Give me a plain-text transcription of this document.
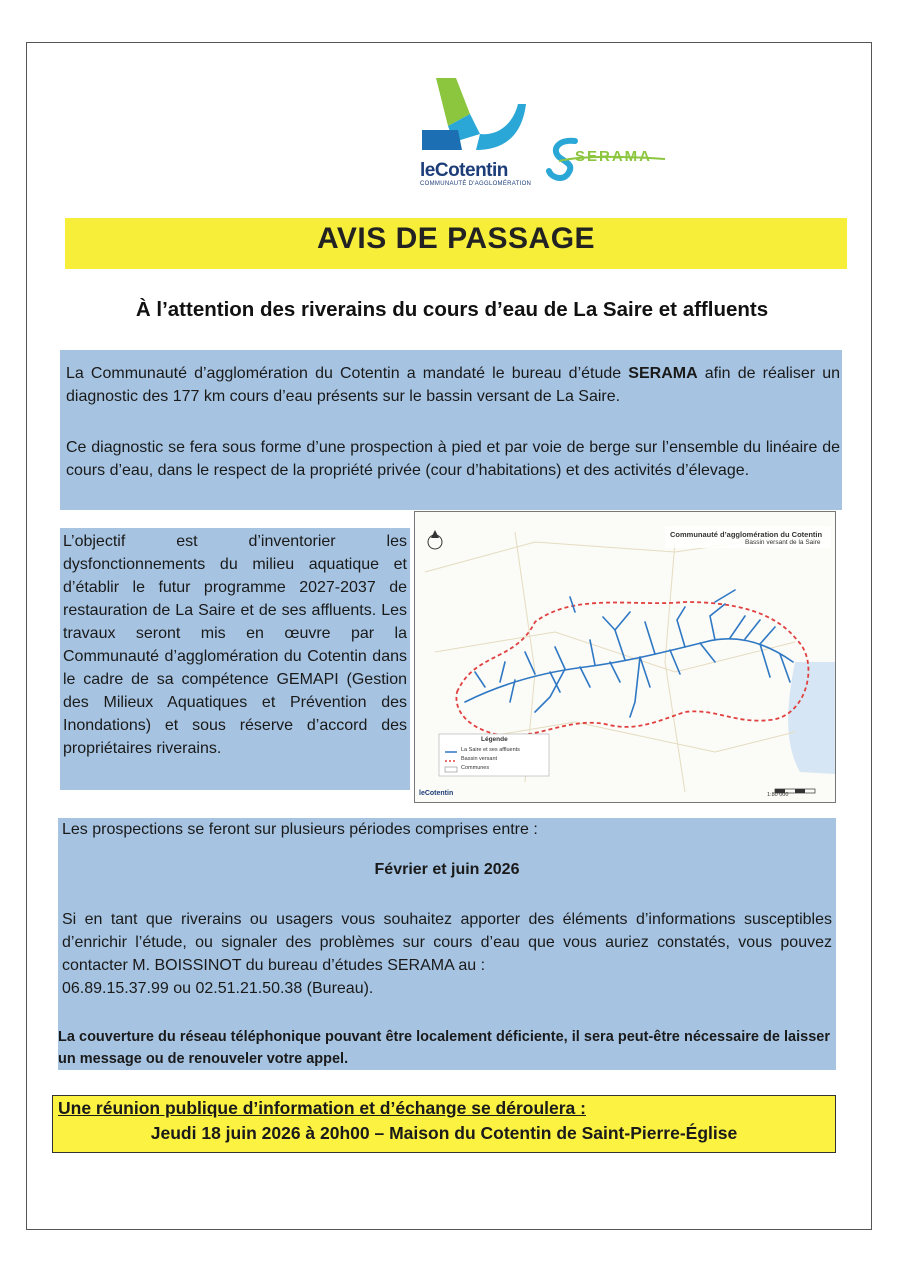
leCotentin
COMMUNAUTÉ D'AGGLOMÉRATION
SERAMA
AVIS DE PASSAGE
À l’attention des riverains du cours d’eau de La Saire et affluents
La Communauté d’agglomération du Cotentin a mandaté le bureau d’étude SERAMA afin de réaliser un diagnostic des 177 km cours d’eau présents sur le bassin versant de La Saire.
Ce diagnostic se fera sous forme d’une prospection à pied et par voie de berge sur l’ensemble du linéaire de cours d’eau, dans le respect de la propriété privée (cour d’habitations) et des activités d’élevage.
L’objectif est d’inventorier les dysfonctionnements du milieu aquatique et d’établir le futur programme 2027-2037 de restauration de La Saire et de ses affluents. Les travaux seront mis en œuvre par la Communauté d’agglomération du Cotentin dans le cadre de sa compétence GEMAPI (Gestion des Milieux Aquatiques et Prévention des Inondations) et sous réserve d’accord des propriétaires riverains.
Communauté d’agglomération du Cotentin
Bassin versant de la Saire
Légende
La Saire et ses affluents
Bassin versant
Communes
leCotentin	1:80 000
Les prospections se feront sur plusieurs périodes comprises entre :
Février et juin 2026
Si en tant que riverains ou usagers vous souhaitez apporter des éléments d’informations susceptibles d’enrichir l’étude, ou signaler des problèmes sur cours d’eau que vous auriez constatés, vous pouvez contacter M. BOISSINOT du bureau d’études SERAMA au :
06.89.15.37.99 ou 02.51.21.50.38 (Bureau).
La couverture du réseau téléphonique pouvant être localement déficiente, il sera peut-être nécessaire de laisser un message ou de renouveler votre appel.
Une réunion publique d’information et d’échange se déroulera :
Jeudi 18 juin 2026 à 20h00 – Maison du Cotentin de Saint-Pierre-Église
